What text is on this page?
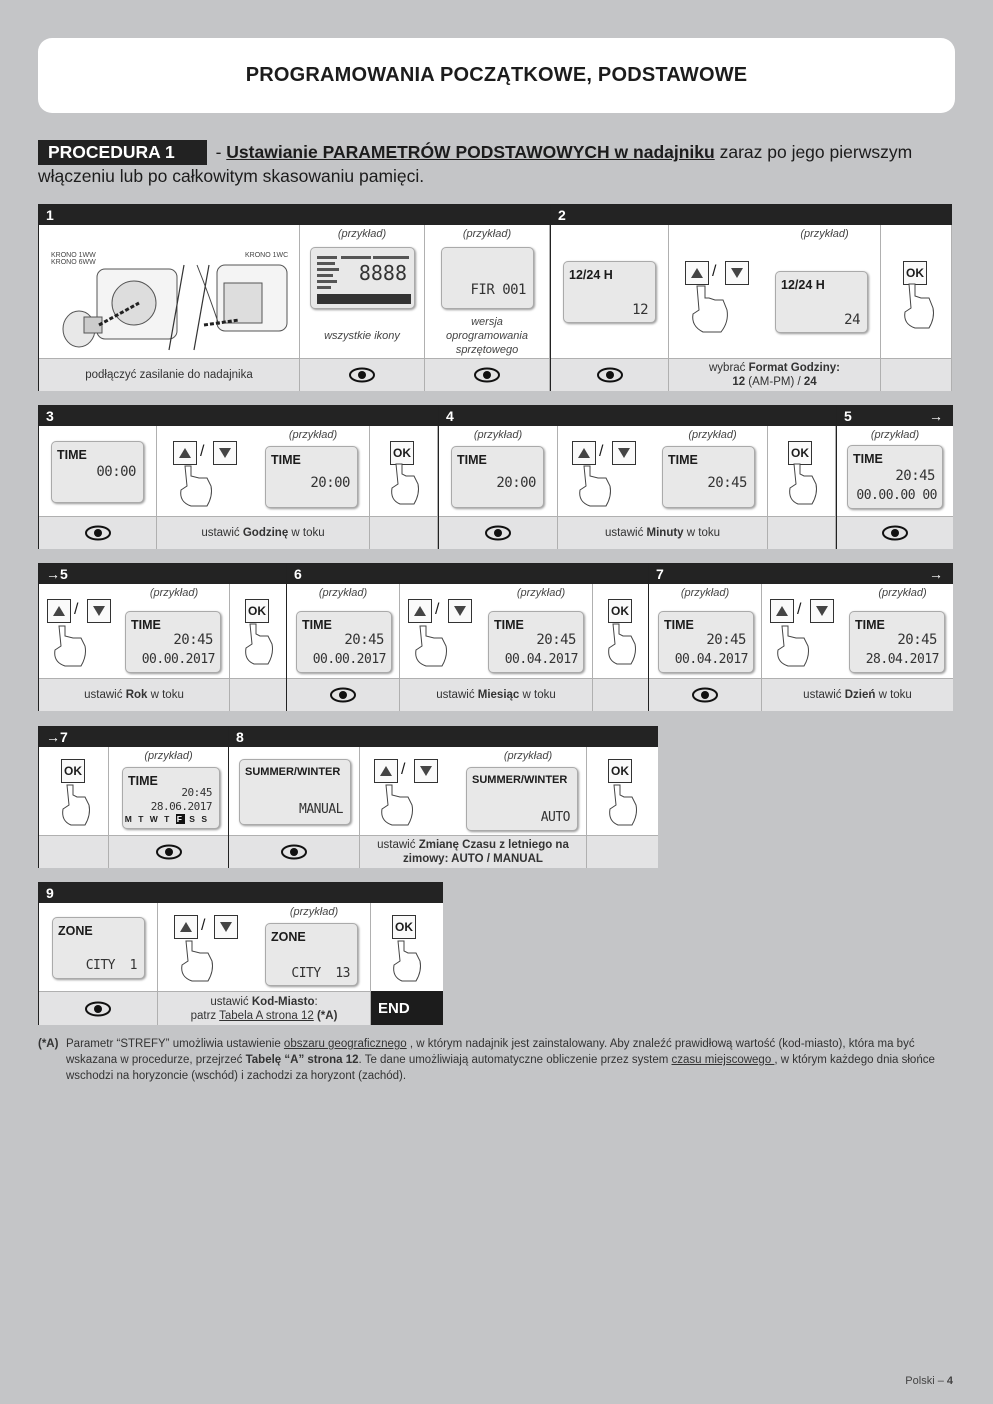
PROGRAMOWANIA POCZĄTKOWE, PODSTAWOWE
PROCEDURA 1 - Ustawianie PARAMETRÓW PODSTAWOWYCH w nadajniku zaraz po jego pierwszym włączeniu lub po całkowitym skasowaniu pamięci.
1
KRONO 1WW
KRONO 6WW
KRONO 1WC
(przykład)
8888
wszystkie ikony
(przykład)
FIR 001
wersja oprogramowania sprzętowego
podłączyć zasilanie do nadajnika
2
12/24 H
12
(przykład)
/
12/24 H
24
OK
wybrać Format Godziny:
12 (AM-PM) / 24
3
TIME
00:00
(przykład)
/	TIME
20:00
OK
ustawić Godzinę w toku
4
(przykład)
TIME
20:00
(przykład)
/	TIME
20:45
OK
ustawić Minuty w toku
5	→
(przykład)
TIME
20:45
00.00.00 00
→5
(przykład)
/
TIME
20:45
00.00.2017
OK
ustawić Rok w toku
6
(przykład)
TIME
20:45
00.00.2017
(przykład)
/
TIME
20:45
00.04.2017
OK
ustawić Miesiąc w toku
7	→
(przykład)
TIME
20:45
00.04.2017
(przykład)
/
TIME
20:45
28.04.2017
ustawić Dzień w toku
→7
OK
(przykład)
TIME
20:45
28.06.2017
M T W T F S S
8
SUMMER/WINTER
MANUAL
(przykład)
/
SUMMER/WINTER
AUTO
OK
ustawić Zmianę Czasu z letniego na zimowy: AUTO / MANUAL
9
ZONE
CITY  1
(przykład)
/
ZONE
CITY  13
OK
ustawić Kod-Miasto:
patrz Tabela A strona 12 (*A)	END
(*A) Parametr “STREFY” umożliwia ustawienie obszaru geograficznego , w którym nadajnik jest zainstalowany. Aby znaleźć prawidłową wartość (kod-miasto), która ma być wskazana w procedurze, przejrzeć Tabelę “A” strona 12. Te dane umożliwiają automatyczne obliczenie przez system czasu miejscowego , w którym każdego dnia słońce wschodzi na horyzoncie (wschód) i zachodzi za horyzont (zachód).
Polski – 4
